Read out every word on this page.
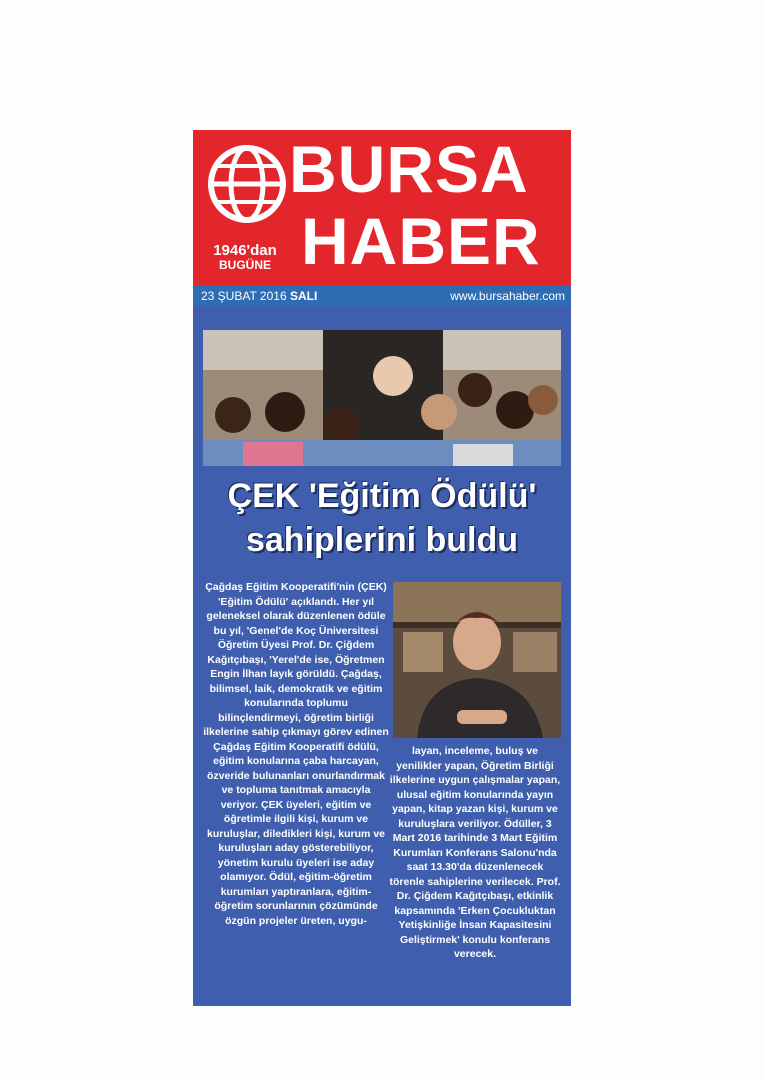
BURSA
HABER
1946'dan
BUGÜNE
23 ŞUBAT 2016 SALI	www.bursahaber.com
ÇEK 'Eğitim Ödülü'
sahiplerini buldu

Çağdaş Eğitim Kooperatifi'nin (ÇEK) 'Eğitim Ödülü' açıklandı. Her yıl geleneksel olarak düzenlenen ödüle bu yıl, 'Genel'de Koç Üniversitesi Öğretim Üyesi Prof. Dr. Çiğdem Kağıtçıbaşı, 'Yerel'de ise, Öğretmen Engin İlhan layık görüldü. Çağdaş, bilimsel, laik, demokratik ve eğitim konularında toplumu bilinçlendirmeyi, öğretim birliği ilkelerine sahip çıkmayı görev edinen Çağdaş Eğitim Kooperatifi ödülü, eğitim konularına çaba harcayan, özveride bulunanları onurlandırmak ve topluma tanıtmak amacıyla veriyor. ÇEK üyeleri, eğitim ve öğretimle ilgili kişi, kurum ve kuruluşlar, diledikleri kişi, kurum ve kuruluşları aday gösterebiliyor, yönetim kurulu üyeleri ise aday olamıyor. Ödül, eğitim-öğretim kurumları yaptıranlara, eğitim-öğretim sorunlarının çözümünde özgün projeler üreten, uygu-

layan, inceleme, buluş ve yenilikler yapan, Öğretim Birliği ilkelerine uygun çalışmalar yapan, ulusal eğitim konularında yayın yapan, kitap yazan kişi, kurum ve kuruluşlara veriliyor. Ödüller, 3 Mart 2016 tarihinde 3 Mart Eğitim Kurumları Konferans Salonu'nda saat 13.30'da düzenlenecek törenle sahiplerine verilecek. Prof. Dr. Çiğdem Kağıtçıbaşı, etkinlik kapsamında 'Erken Çocukluktan Yetişkinliğe İnsan Kapasitesini Geliştirmek' konulu konferans verecek.
